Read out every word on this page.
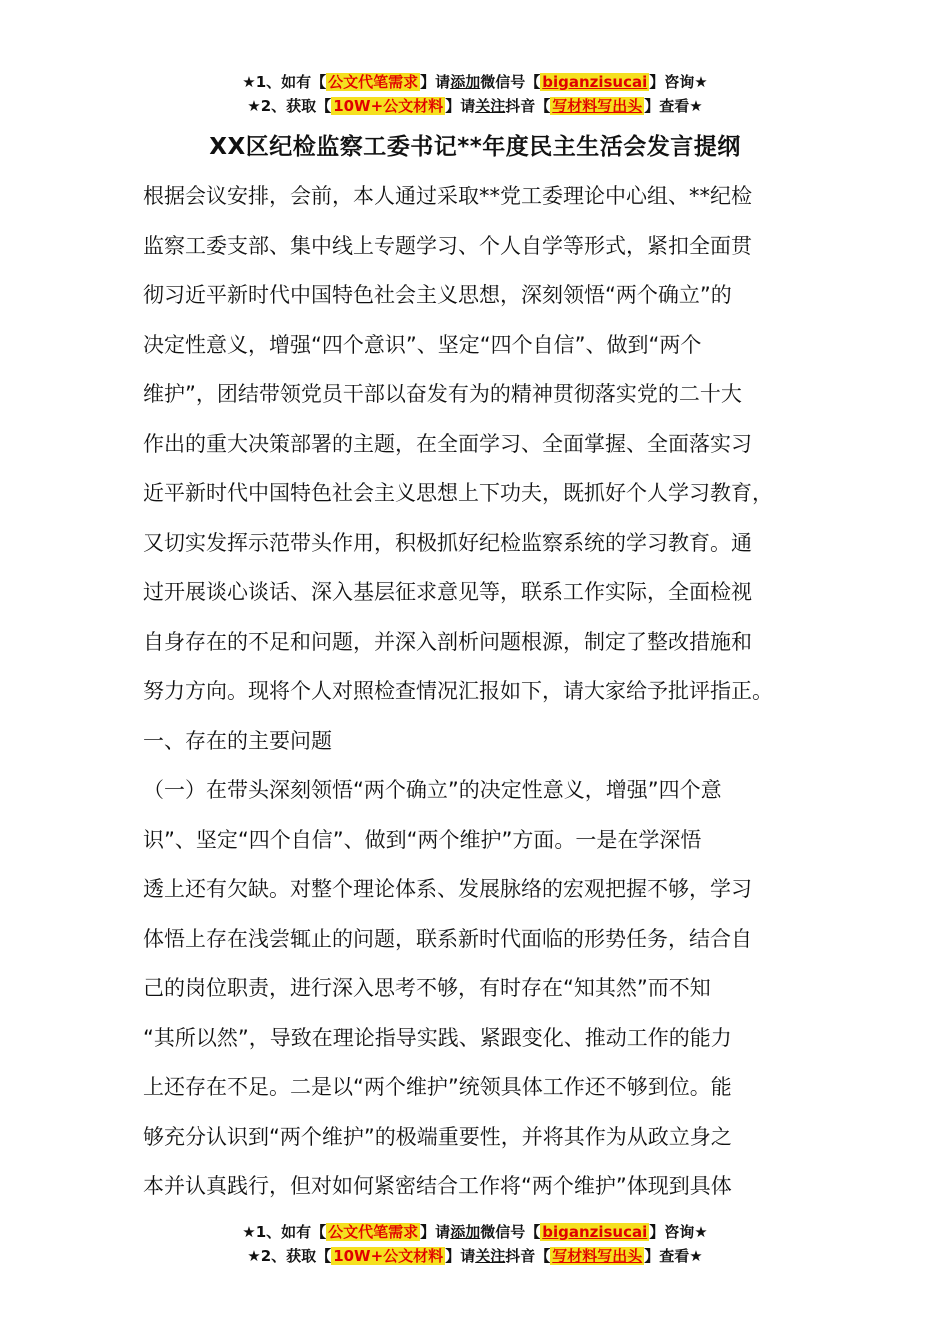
★1、如有【 公文代笔需求 】请添加微信号【 biganzisucai 】咨询★
★2、获取【 10W+公文材料 】请关注抖音【 写材料写出头 】查看★
XX区纪检监察工委书记**年度民主生活会发言提纲
根据会议安排，会前，本人通过采取**党工委理论中心组、**纪检
监察工委支部、集中线上专题学习、个人自学等形式，紧扣全面贯
彻习近平新时代中国特色社会主义思想，深刻领悟“两个确立”的
决定性意义，增强“四个意识”、坚定“四个自信”、做到“两个
维护”，团结带领党员干部以奋发有为的精神贯彻落实党的二十大
作出的重大决策部署的主题，在全面学习、全面掌握、全面落实习
近平新时代中国特色社会主义思想上下功夫，既抓好个人学习教育，
又切实发挥示范带头作用，积极抓好纪检监察系统的学习教育。通
过开展谈心谈话、深入基层征求意见等，联系工作实际，全面检视
自身存在的不足和问题，并深入剖析问题根源，制定了整改措施和
努力方向。现将个人对照检查情况汇报如下，请大家给予批评指正。
一、存在的主要问题
（一）在带头深刻领悟“两个确立”的决定性意义，增强”四个意
识”、坚定“四个自信”、做到“两个维护”方面。一是在学深悟
透上还有欠缺。对整个理论体系、发展脉络的宏观把握不够，学习
体悟上存在浅尝辄止的问题，联系新时代面临的形势任务，结合自
己的岗位职责，进行深入思考不够，有时存在“知其然”而不知
“其所以然”，导致在理论指导实践、紧跟变化、推动工作的能力
上还存在不足。二是以“两个维护”统领具体工作还不够到位。能
够充分认识到“两个维护”的极端重要性，并将其作为从政立身之
本并认真践行，但对如何紧密结合工作将“两个维护”体现到具体
★1、如有【 公文代笔需求 】请添加微信号【 biganzisucai 】咨询★
★2、获取【 10W+公文材料 】请关注抖音【 写材料写出头 】查看★
